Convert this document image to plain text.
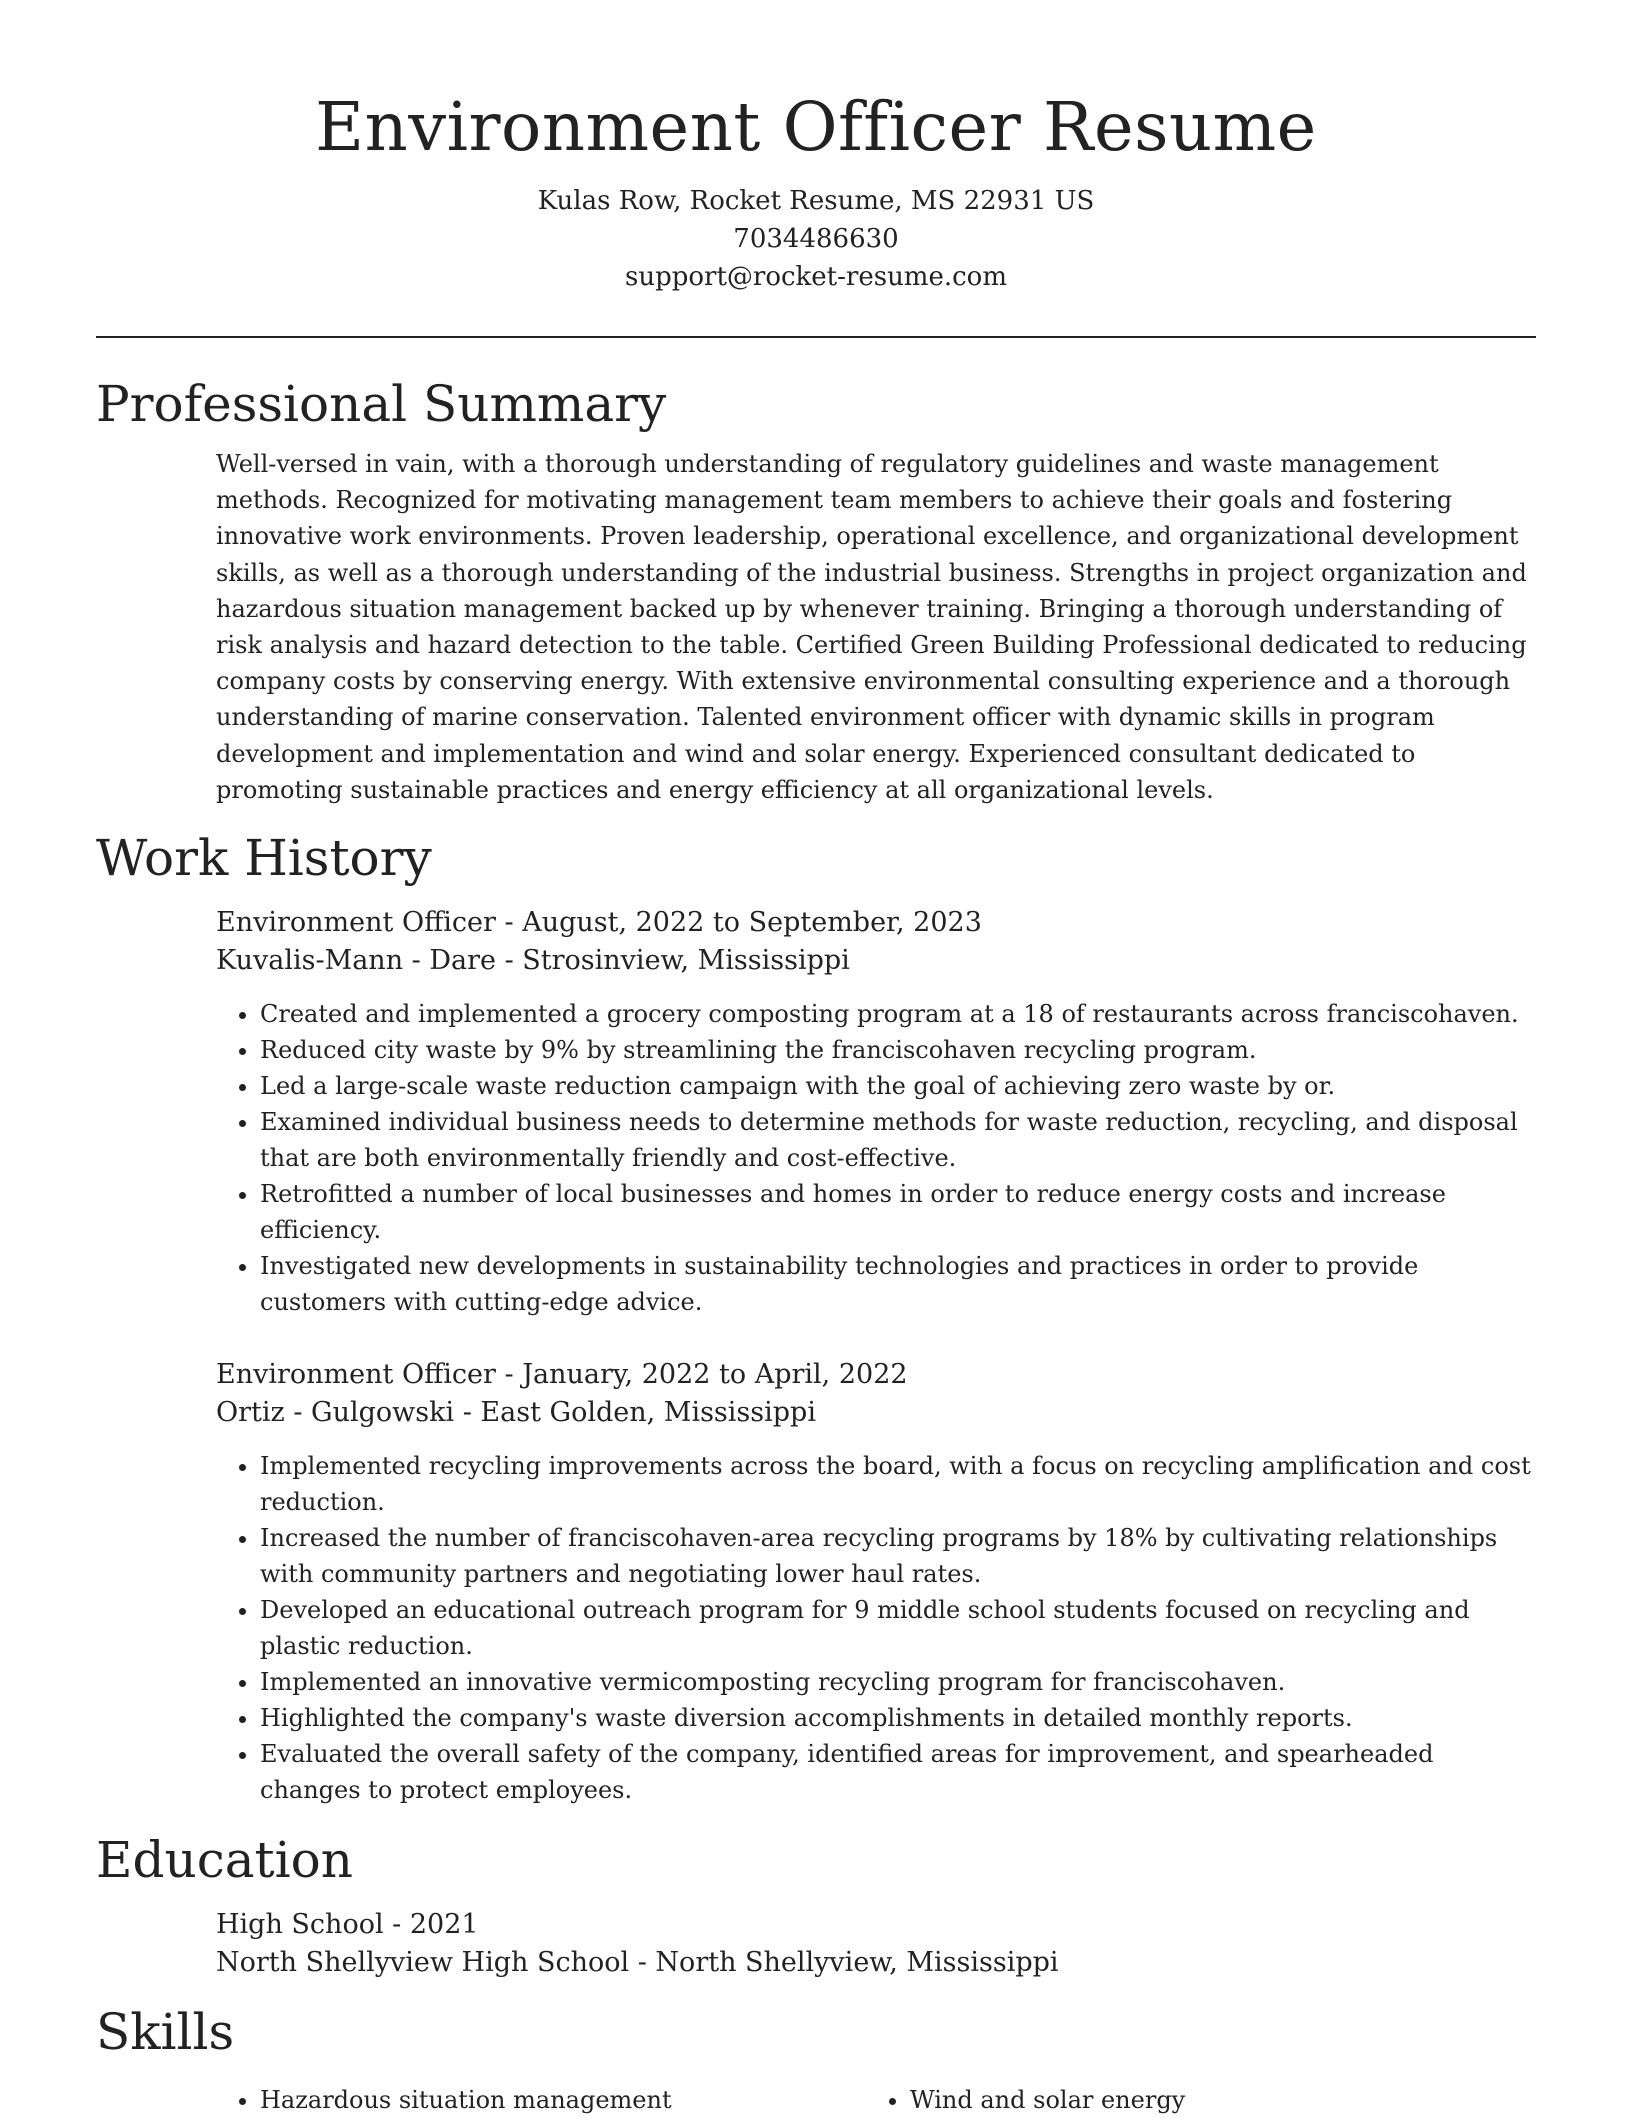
Environment Officer Resume
Kulas Row, Rocket Resume, MS 22931 US
7034486630
support@rocket-resume.com
Professional Summary

Well-versed in vain, with a thorough understanding of regulatory guidelines and waste management methods. Recognized for motivating management team members to achieve their goals and fostering innovative work environments. Proven leadership, operational excellence, and organizational development skills, as well as a thorough understanding of the industrial business. Strengths in project organization and hazardous situation management backed up by whenever training. Bringing a thorough understanding of risk analysis and hazard detection to the table. Certified Green Building Professional dedicated to reducing company costs by conserving energy. With extensive environmental consulting experience and a thorough understanding of marine conservation. Talented environment officer with dynamic skills in program development and implementation and wind and solar energy. Experienced consultant dedicated to promoting sustainable practices and energy efficiency at all organizational levels.

Work History
Environment Officer - August, 2022 to September, 2023
Kuvalis-Mann - Dare - Strosinview, Mississippi
• Created and implemented a grocery composting program at a 18 of restaurants across franciscohaven.
• Reduced city waste by 9% by streamlining the franciscohaven recycling program.
• Led a large-scale waste reduction campaign with the goal of achieving zero waste by or.
• Examined individual business needs to determine methods for waste reduction, recycling, and disposal that are both environmentally friendly and cost-effective.
• Retrofitted a number of local businesses and homes in order to reduce energy costs and increase efficiency.
• Investigated new developments in sustainability technologies and practices in order to provide customers with cutting-edge advice.
Environment Officer - January, 2022 to April, 2022
Ortiz - Gulgowski - East Golden, Mississippi
• Implemented recycling improvements across the board, with a focus on recycling amplification and cost reduction.
• Increased the number of franciscohaven-area recycling programs by 18% by cultivating relationships with community partners and negotiating lower haul rates.
• Developed an educational outreach program for 9 middle school students focused on recycling and plastic reduction.
• Implemented an innovative vermicomposting recycling program for franciscohaven.
• Highlighted the company's waste diversion accomplishments in detailed monthly reports.
• Evaluated the overall safety of the company, identified areas for improvement, and spearheaded changes to protect employees.
Education
High School - 2021
North Shellyview High School - North Shellyview, Mississippi
Skills
• Hazardous situation management
•	Wind and solar energy
